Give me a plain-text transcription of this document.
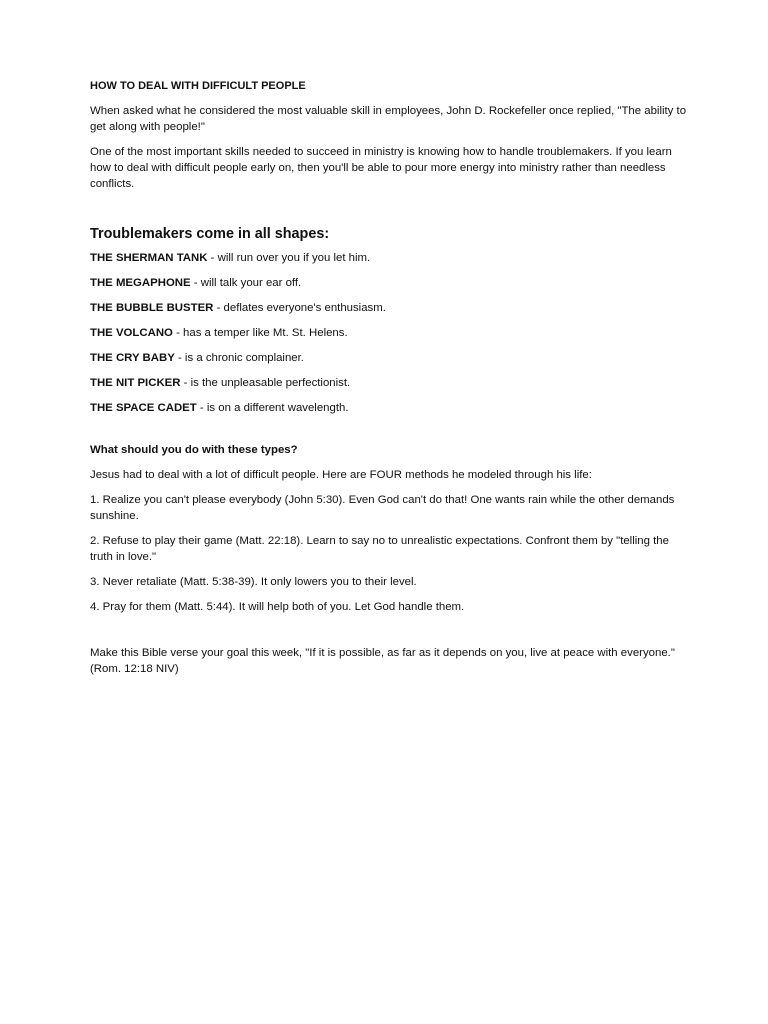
HOW TO DEAL WITH DIFFICULT PEOPLE

When asked what he considered the most valuable skill in employees, John D. Rockefeller once replied, "The ability to get along with people!"

One of the most important skills needed to succeed in ministry is knowing how to handle troublemakers. If you learn how to deal with difficult people early on, then you'll be able to pour more energy into ministry rather than needless conflicts.

Troublemakers come in all shapes:

THE SHERMAN TANK - will run over you if you let him.

THE MEGAPHONE - will talk your ear off.

THE BUBBLE BUSTER - deflates everyone's enthusiasm.

THE VOLCANO - has a temper like Mt. St. Helens.

THE CRY BABY - is a chronic complainer.

THE NIT PICKER - is the unpleasable perfectionist.

THE SPACE CADET - is on a different wavelength.

What should you do with these types?

Jesus had to deal with a lot of difficult people. Here are FOUR methods he modeled through his life:

1. Realize you can't please everybody (John 5:30). Even God can't do that! One wants rain while the other demands sunshine.

2. Refuse to play their game (Matt. 22:18). Learn to say no to unrealistic expectations. Confront them by "telling the truth in love."

3. Never retaliate (Matt. 5:38-39). It only lowers you to their level.

4. Pray for them (Matt. 5:44). It will help both of you. Let God handle them.

Make this Bible verse your goal this week, "If it is possible, as far as it depends on you, live at peace with everyone." (Rom. 12:18 NIV)
